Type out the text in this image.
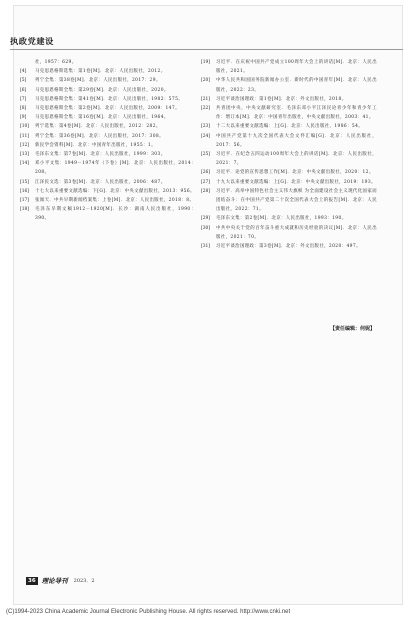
执政党建设
社，1957：629。
[4]	马克思恩格斯选集：第1卷[M]．北京：人民出版社，2012。
[5]	列宁全集：第38卷[M]．北京：人民出版社，2017：29。
[6]	马克思恩格斯全集：第29卷[M]．北京：人民出版社，2020。
[7]	马克思恩格斯全集：第41卷[M]．北京：人民出版社，1982：575。
[8]	马克思恩格斯全集：第2卷[M]．北京：人民出版社，2009：147。
[9]	马克思恩格斯全集：第16卷[M]．北京：人民出版社，1964。
[10]	列宁选集：第4卷[M]．北京：人民出版社，2012：282。
[11]	列宁全集：第36卷[M]．北京：人民出版社，2017：308。
[12]	新民学会资料[M]．北京：中国青年出版社，1955：1。
[13]	毛泽东文集：第7卷[M]．北京：人民出版社，1999：303。
[14]	邓小平文集：1949－1974年（下卷）[M]．北京：人民出版社，2014：208。
[15]	江泽民文选：第3卷[M]．北京：人民出版社，2006：487。
[16]	十七大以来重要文献选编：下[G]．北京：中央文献出版社，2013：956。
[17]	张闻天．中共早期新闻档案集：上卷[M]．北京：人民出版社，2018：8。
[18]	毛泽东早期文稿1912－1920[M]．长沙：湖南人民出版社，1990：390。
[19]	习近平．在庆祝中国共产党成立100周年大会上的讲话[M]．北京：人民出版社，2021。
[20]	中华人民共和国国务院新闻办公室．新时代的中国青年[M]．北京：人民出版社，2022：23。
[21]	习近平谈治国理政：第1卷[M]．北京：外文出版社，2018。
[22]	共青团中央，中央文献研究室．毛泽东邓小平江泽民论青少年和青少年工作：增订本[M]．北京：中国青年出版社，中央文献出版社，2003：41。
[23]	十二大以来重要文献选编：上[G]．北京：人民出版社，1986：54。
[24]	中国共产党第十九次全国代表大会文件汇编[G]．北京：人民出版社，2017：56。
[25]	习近平．在纪念五四运动100周年大会上的讲话[M]．北京：人民出版社，2021：7。
[26]	习近平．论党的宣传思想工作[M]．北京：中央文献出版社，2020：12。
[27]	十九大以来重要文献选编：上[G]．北京：中央文献出版社，2019：193。
[28]	习近平．高举中国特色社会主义伟大旗帜 为全面建设社会主义现代化国家而团结奋斗：在中国共产党第二十次全国代表大会上的报告[M]．北京：人民出版社，2022：71。
[29]	毛泽东文集：第2卷[M]．北京：人民出版社，1993：190。
[30]	中共中央关于党的百年奋斗重大成就和历史经验的决议[M]．北京：人民出版社，2021：70。
[31]	习近平谈治国理政：第3卷[M]．北京：外文出版社，2020：497。
【责任编辑：何妮】
36 理论导刊 2023．2
(C)1994-2023 China Academic Journal Electronic Publishing House. All rights reserved. http://www.cnki.net
